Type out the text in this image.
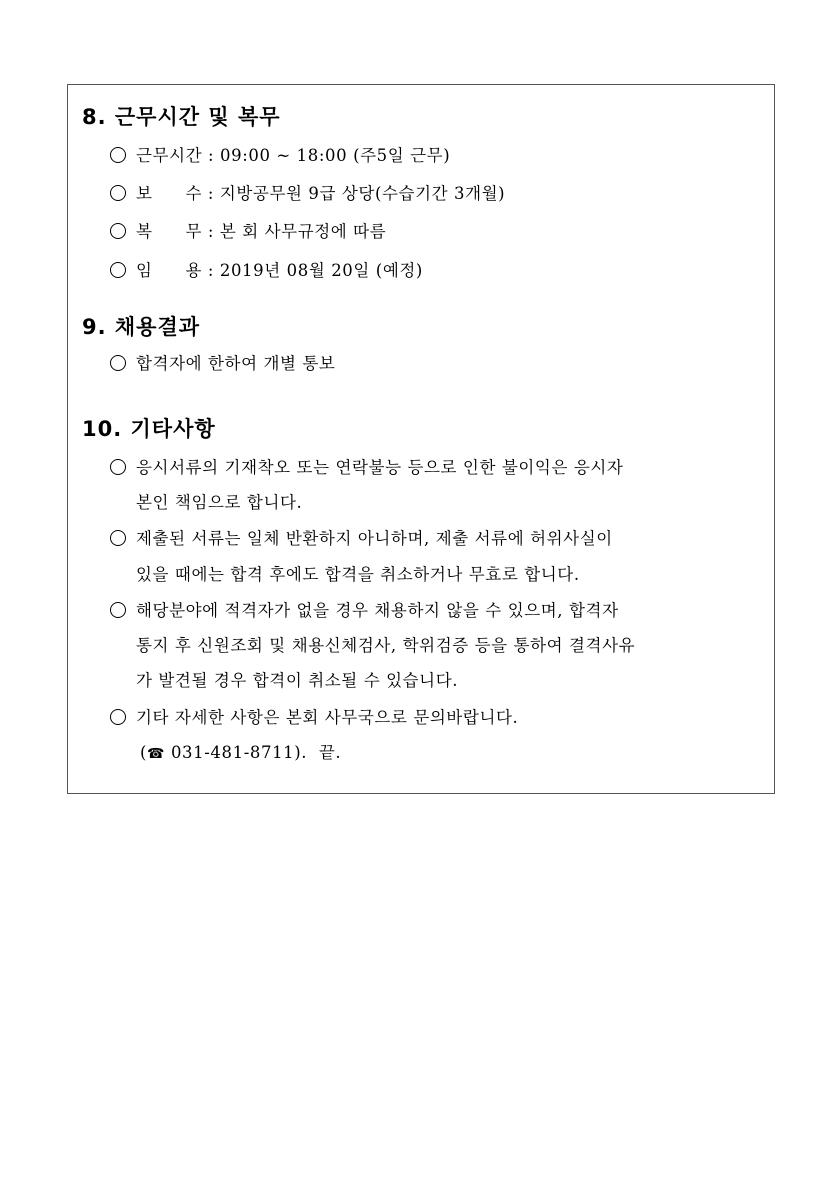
8. 근무시간 및 복무
근무시간 : 09:00 ~ 18:00 (주5일 근무)
보 수 : 지방공무원 9급 상당(수습기간 3개월)
복 무 : 본 회 사무규정에 따름
임 용 : 2019년 08월 20일 (예정)
9. 채용결과
합격자에 한하여 개별 통보
10. 기타사항
응시서류의 기재착오 또는 연락불능 등으로 인한 불이익은 응시자
본인 책임으로 합니다.
제출된 서류는 일체 반환하지 아니하며, 제출 서류에 허위사실이
있을 때에는 합격 후에도 합격을 취소하거나 무효로 합니다.
해당분야에 적격자가 없을 경우 채용하지 않을 수 있으며, 합격자
통지 후 신원조회 및 채용신체검사, 학위검증 등을 통하여 결격사유
가 발견될 경우 합격이 취소될 수 있습니다.
기타 자세한 사항은 본회 사무국으로 문의바랍니다.
(☎ 031-481-8711). 끝.
